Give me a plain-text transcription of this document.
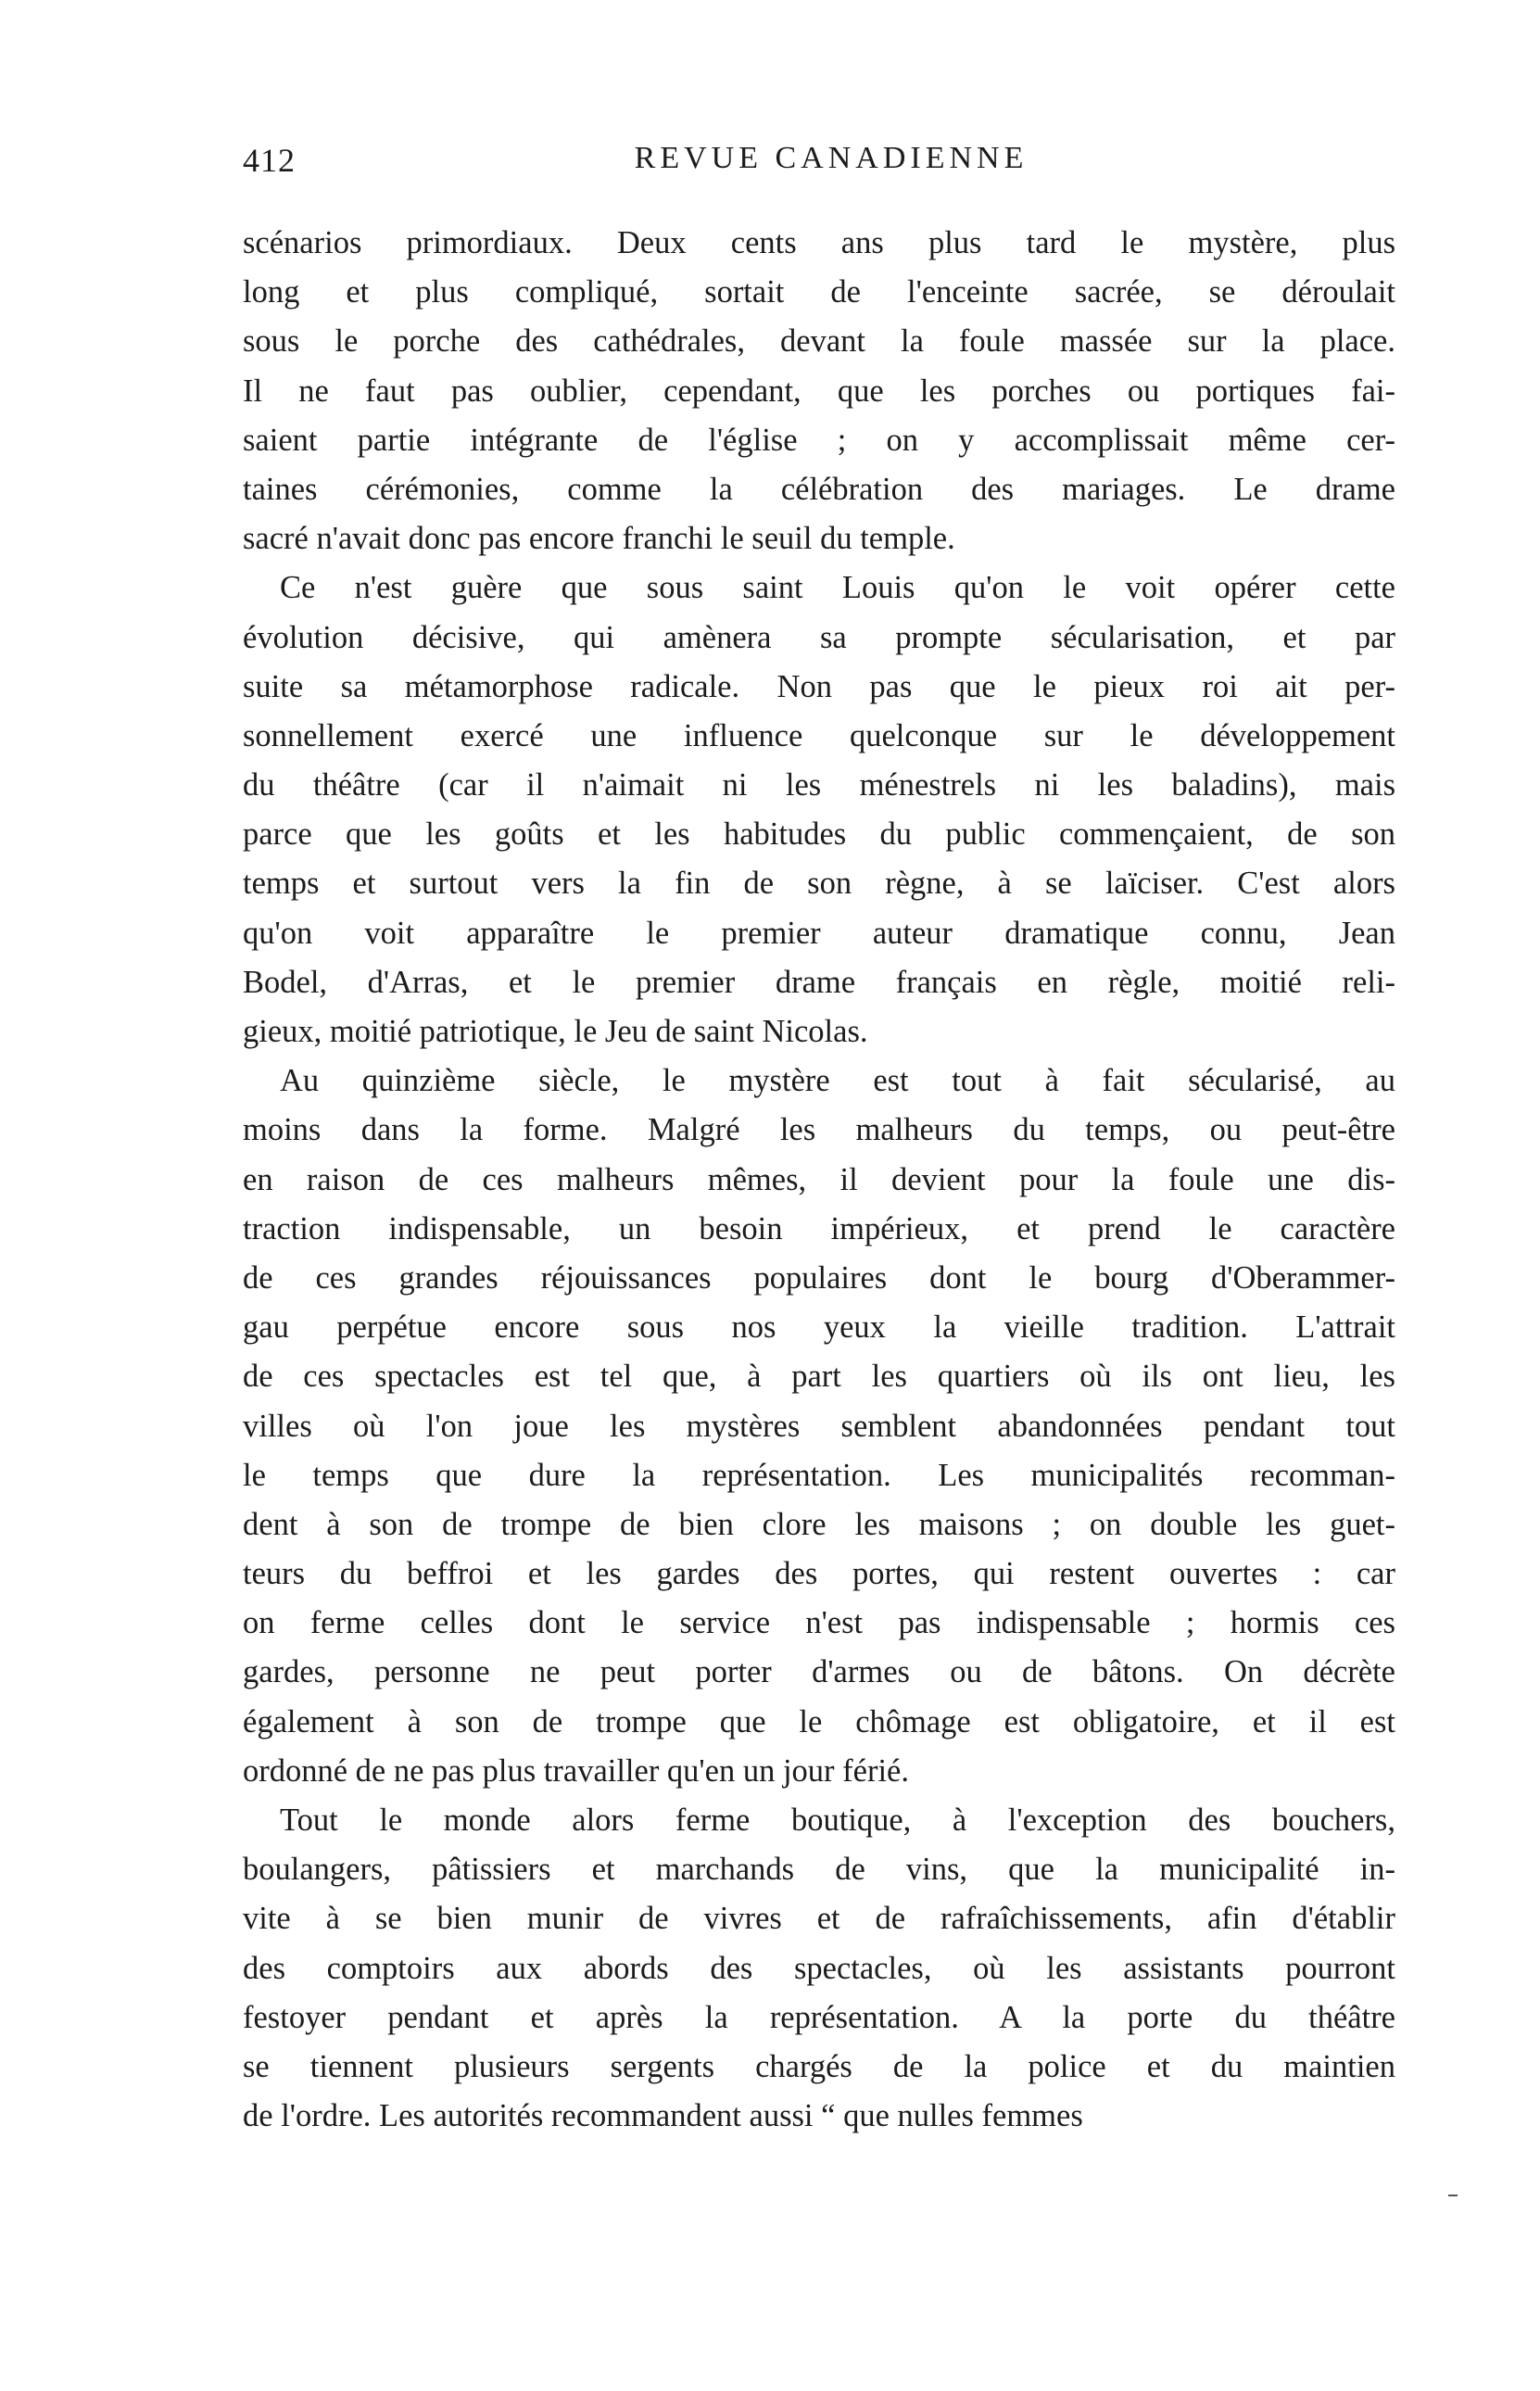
412	REVUE CANADIENNE

scénarios primordiaux. Deux cents ans plus tard le mystère, plus
long et plus compliqué, sortait de l'enceinte sacrée, se déroulait
sous le porche des cathédrales, devant la foule massée sur la place.
Il ne faut pas oublier, cependant, que les porches ou portiques fai-
saient partie intégrante de l'église ; on y accomplissait même cer-
taines cérémonies, comme la célébration des mariages. Le drame
sacré n'avait donc pas encore franchi le seuil du temple.

Ce n'est guère que sous saint Louis qu'on le voit opérer cette
évolution décisive, qui amènera sa prompte sécularisation, et par
suite sa métamorphose radicale. Non pas que le pieux roi ait per-
sonnellement exercé une influence quelconque sur le développement
du théâtre (car il n'aimait ni les ménestrels ni les baladins), mais
parce que les goûts et les habitudes du public commençaient, de son
temps et surtout vers la fin de son règne, à se laïciser. C'est alors
qu'on voit apparaître le premier auteur dramatique connu, Jean
Bodel, d'Arras, et le premier drame français en règle, moitié reli-
gieux, moitié patriotique, le Jeu de saint Nicolas.

Au quinzième siècle, le mystère est tout à fait sécularisé, au
moins dans la forme. Malgré les malheurs du temps, ou peut-être
en raison de ces malheurs mêmes, il devient pour la foule une dis-
traction indispensable, un besoin impérieux, et prend le caractère
de ces grandes réjouissances populaires dont le bourg d'Oberammer-
gau perpétue encore sous nos yeux la vieille tradition. L'attrait
de ces spectacles est tel que, à part les quartiers où ils ont lieu, les
villes où l'on joue les mystères semblent abandonnées pendant tout
le temps que dure la représentation. Les municipalités recomman-
dent à son de trompe de bien clore les maisons ; on double les guet-
teurs du beffroi et les gardes des portes, qui restent ouvertes : car
on ferme celles dont le service n'est pas indispensable ; hormis ces
gardes, personne ne peut porter d'armes ou de bâtons. On décrète
également à son de trompe que le chômage est obligatoire, et il est
ordonné de ne pas plus travailler qu'en un jour férié.

Tout le monde alors ferme boutique, à l'exception des bouchers,
boulangers, pâtissiers et marchands de vins, que la municipalité in-
vite à se bien munir de vivres et de rafraîchissements, afin d'établir
des comptoirs aux abords des spectacles, où les assistants pourront
festoyer pendant et après la représentation. A la porte du théâtre
se tiennent plusieurs sergents chargés de la police et du maintien
de l'ordre. Les autorités recommandent aussi “ que nulles femmes
